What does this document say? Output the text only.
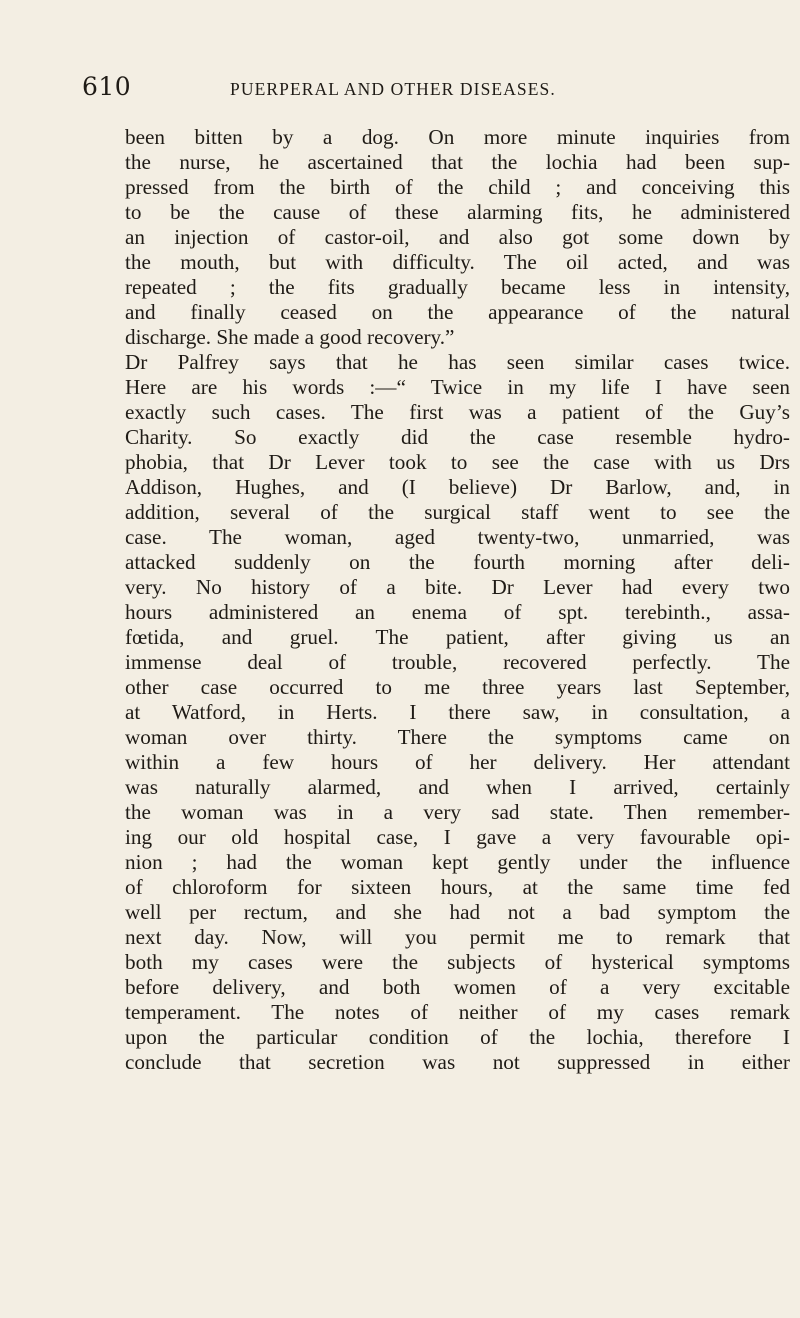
610	PUERPERAL AND OTHER DISEASES.
been bitten by a dog. On more minute inquiries from
the nurse, he ascertained that the lochia had been sup-
pressed from the birth of the child ; and conceiving this
to be the cause of these alarming fits, he administered
an injection of castor-oil, and also got some down by
the mouth, but with difficulty. The oil acted, and was
repeated ; the fits gradually became less in intensity,
and finally ceased on the appearance of the natural
discharge. She made a good recovery.”
Dr Palfrey says that he has seen similar cases twice.
Here are his words :—“ Twice in my life I have seen
exactly such cases. The first was a patient of the Guy’s
Charity. So exactly did the case resemble hydro-
phobia, that Dr Lever took to see the case with us Drs
Addison, Hughes, and (I believe) Dr Barlow, and, in
addition, several of the surgical staff went to see the
case. The woman, aged twenty-two, unmarried, was
attacked suddenly on the fourth morning after deli-
very. No history of a bite. Dr Lever had every two
hours administered an enema of spt. terebinth., assa-
fœtida, and gruel. The patient, after giving us an
immense deal of trouble, recovered perfectly. The
other case occurred to me three years last September,
at Watford, in Herts. I there saw, in consultation, a
woman over thirty. There the symptoms came on
within a few hours of her delivery. Her attendant
was naturally alarmed, and when I arrived, certainly
the woman was in a very sad state. Then remember-
ing our old hospital case, I gave a very favourable opi-
nion ; had the woman kept gently under the influence
of chloroform for sixteen hours, at the same time fed
well per rectum, and she had not a bad symptom the
next day. Now, will you permit me to remark that
both my cases were the subjects of hysterical symptoms
before delivery, and both women of a very excitable
temperament. The notes of neither of my cases remark
upon the particular condition of the lochia, therefore I
conclude that secretion was not suppressed in either
